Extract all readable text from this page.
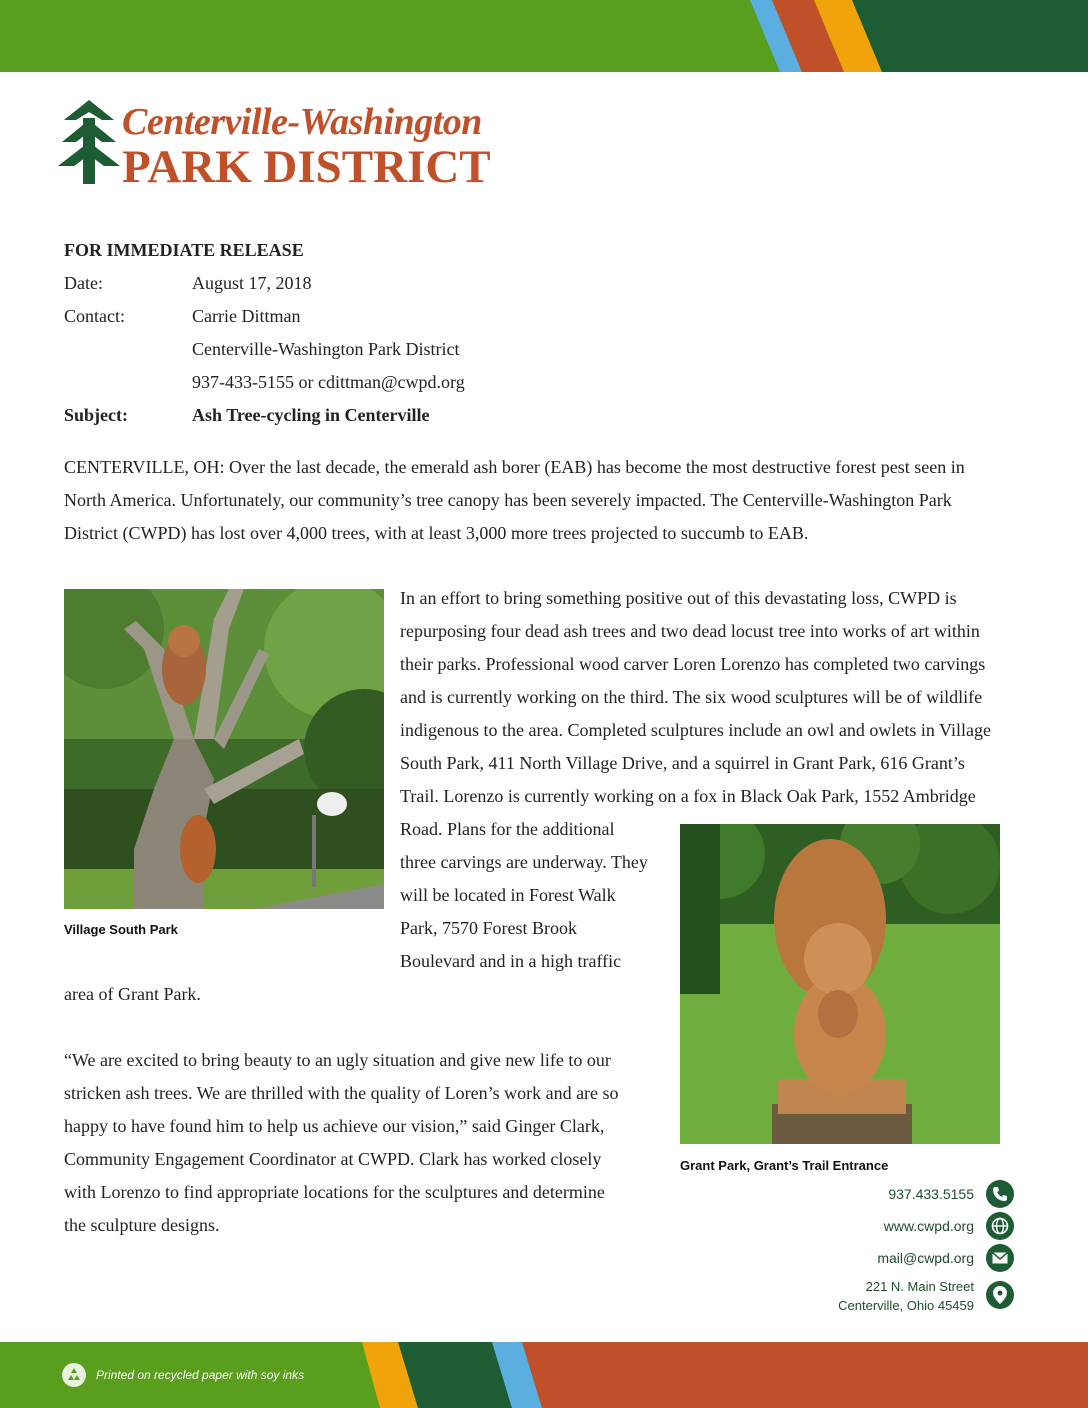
Centerville-Washington
PARK DISTRICT
FOR IMMEDIATE RELEASE
Date:	August 17, 2018
Contact:	Carrie Dittman
Centerville-Washington Park District
937-433-5155 or cdittman@cwpd.org
Subject:	Ash Tree-cycling in Centerville
CENTERVILLE, OH: Over the last decade, the emerald ash borer (EAB) has become the most destructive forest pest seen in
North America. Unfortunately, our community’s tree canopy has been severely impacted. The Centerville-Washington Park
District (CWPD) has lost over 4,000 trees, with at least 3,000 more trees projected to succumb to EAB.
Village South Park
In an effort to bring something positive out of this devastating loss, CWPD is
repurposing four dead ash trees and two dead locust tree into works of art within
their parks. Professional wood carver Loren Lorenzo has completed two carvings
and is currently working on the third. The six wood sculptures will be of wildlife
indigenous to the area. Completed sculptures include an owl and owlets in Village
South Park, 411 North Village Drive, and a squirrel in Grant Park, 616 Grant’s
Trail. Lorenzo is currently working on a fox in Black Oak Park, 1552 Ambridge
Road. Plans for the additional
three carvings are underway. They
will be located in Forest Walk
Park, 7570 Forest Brook
Boulevard and in a high traffic
area of Grant Park.
Grant Park, Grant’s Trail Entrance
“We are excited to bring beauty to an ugly situation and give new life to our
stricken ash trees. We are thrilled with the quality of Loren’s work and are so
happy to have found him to help us achieve our vision,” said Ginger Clark,
Community Engagement Coordinator at CWPD. Clark has worked closely
with Lorenzo to find appropriate locations for the sculptures and determine
the sculpture designs.
937.433.5155
www.cwpd.org
mail@cwpd.org
221 N. Main Street
Centerville, Ohio 45459
Printed on recycled paper with soy inks
